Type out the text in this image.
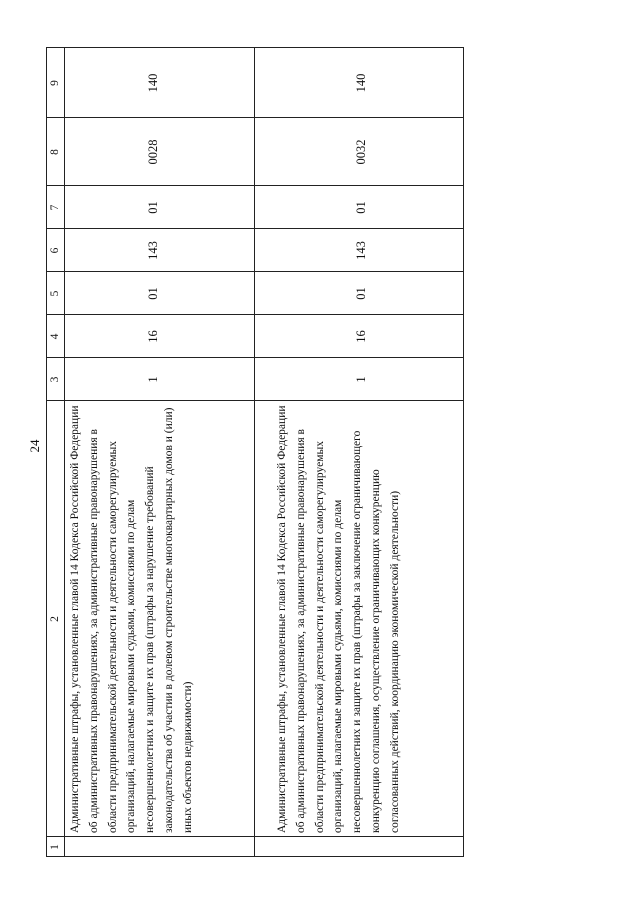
24
1
2
3
4
5
6
7
8
9
Административные штрафы, установленные главой 14 Кодекса Российской Федерации об административных правонарушениях, за административные правонарушения в области предпринимательской деятельности и деятельности саморегулируемых организаций, налагаемые мировыми судьями, комиссиями по делам несовершеннолетних и защите их прав (штрафы за нарушение требований законодательства об участии в долевом строительстве многоквартирных домов и (или) иных объектов недвижимости)
1
16
01
143
01
0028
140
Административные штрафы, установленные главой 14 Кодекса Российской Федерации об административных правонарушениях, за административные правонарушения в области предпринимательской деятельности и деятельности саморегулируемых организаций, налагаемые мировыми судьями, комиссиями по делам несовершеннолетних и защите их прав (штрафы за заключение ограничивающего конкуренцию соглашения, осуществление ограничивающих конкуренцию согласованных действий, координацию экономической деятельности)
1
16
01
143
01
0032
140
